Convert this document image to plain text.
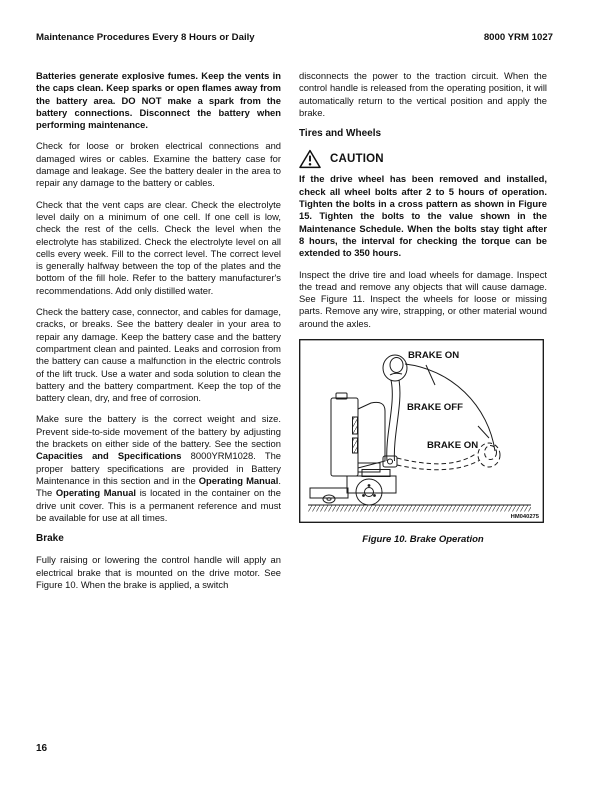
Maintenance Procedures Every 8 Hours or Daily	8000 YRM 1027

Batteries generate explosive fumes. Keep the vents in the caps clean. Keep sparks or open flames away from the battery area. DO NOT make a spark from the battery connections. Disconnect the battery when performing maintenance.

Check for loose or broken electrical connections and damaged wires or cables. Examine the battery case for damage and leakage. See the battery dealer in the area to repair any damage to the battery or cables.

Check that the vent caps are clear. Check the electrolyte level daily on a minimum of one cell. If one cell is low, check the rest of the cells. Check the level when the electrolyte has stabilized. Check the electrolyte level on all cells every week. Fill to the correct level. The correct level is generally halfway between the top of the plates and the bottom of the fill hole. Refer to the battery manufacturer's recommendations. Add only distilled water.

Check the battery case, connector, and cables for damage, cracks, or breaks. See the battery dealer in your area to repair any damage. Keep the battery case and the battery compartment clean and painted. Leaks and corrosion from the battery can cause a malfunction in the electric controls of the lift truck. Use a water and soda solution to clean the battery and the battery compartment. Keep the top of the battery clean, dry, and free of corrosion.

Make sure the battery is the correct weight and size. Prevent side-to-side movement of the battery by adjusting the brackets on either side of the battery. See the section Capacities and Specifications 8000YRM1028. The proper battery specifications are provided in Battery Maintenance in this section and in the Operating Manual. The Operating Manual is located in the container on the drive unit cover. This is a permanent reference and must be available for use at all times.

Brake

Fully raising or lowering the control handle will apply an electrical brake that is mounted on the drive motor. See Figure 10. When the brake is applied, a switch

disconnects the power to the traction circuit. When the control handle is released from the operating position, it will automatically return to the vertical position and apply the brake.

Tires and Wheels
CAUTION

If the drive wheel has been removed and installed, check all wheel bolts after 2 to 5 hours of operation. Tighten the bolts in a cross pattern as shown in Figure 15. Tighten the bolts to the value shown in the Maintenance Schedule. When the bolts stay tight after 8 hours, the interval for checking the torque can be extended to 350 hours.

Inspect the drive tire and load wheels for damage. Inspect the tread and remove any objects that will cause damage. See Figure 11. Inspect the wheels for loose or missing parts. Remove any wire, strapping, or other material wound around the axles.

BRAKE ON
BRAKE OFF
BRAKE ON
HM040275
Figure 10. Brake Operation
16
